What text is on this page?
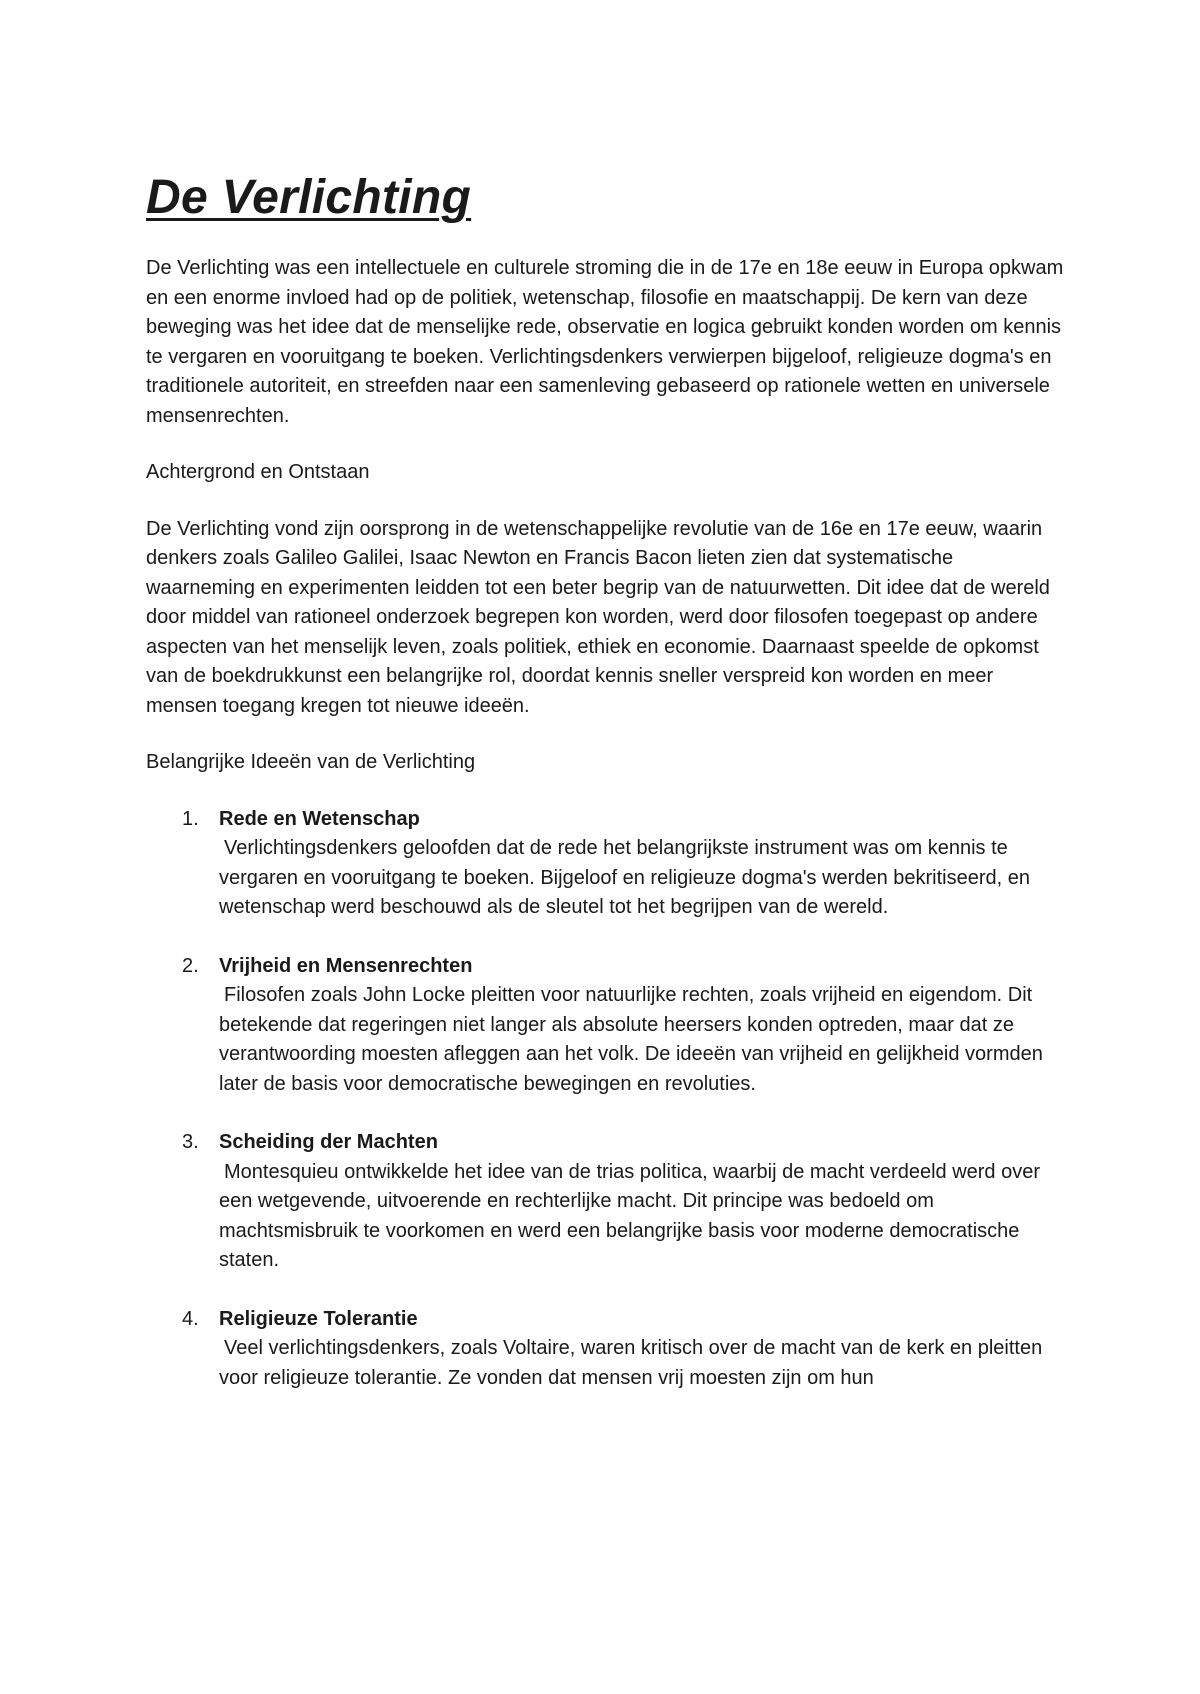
De Verlichting

De Verlichting was een intellectuele en culturele stroming die in de 17e en 18e eeuw in Europa opkwam en een enorme invloed had op de politiek, wetenschap, filosofie en maatschappij. De kern van deze beweging was het idee dat de menselijke rede, observatie en logica gebruikt konden worden om kennis te vergaren en vooruitgang te boeken. Verlichtingsdenkers verwierpen bijgeloof, religieuze dogma's en traditionele autoriteit, en streefden naar een samenleving gebaseerd op rationele wetten en universele mensenrechten.

Achtergrond en Ontstaan

De Verlichting vond zijn oorsprong in de wetenschappelijke revolutie van de 16e en 17e eeuw, waarin denkers zoals Galileo Galilei, Isaac Newton en Francis Bacon lieten zien dat systematische waarneming en experimenten leidden tot een beter begrip van de natuurwetten. Dit idee dat de wereld door middel van rationeel onderzoek begrepen kon worden, werd door filosofen toegepast op andere aspecten van het menselijk leven, zoals politiek, ethiek en economie. Daarnaast speelde de opkomst van de boekdrukkunst een belangrijke rol, doordat kennis sneller verspreid kon worden en meer mensen toegang kregen tot nieuwe ideeën.

Belangrijke Ideeën van de Verlichting

1. Rede en Wetenschap
Verlichtingsdenkers geloofden dat de rede het belangrijkste instrument was om kennis te vergaren en vooruitgang te boeken. Bijgeloof en religieuze dogma's werden bekritiseerd, en wetenschap werd beschouwd als de sleutel tot het begrijpen van de wereld.
2. Vrijheid en Mensenrechten
Filosofen zoals John Locke pleitten voor natuurlijke rechten, zoals vrijheid en eigendom. Dit betekende dat regeringen niet langer als absolute heersers konden optreden, maar dat ze verantwoording moesten afleggen aan het volk. De ideeën van vrijheid en gelijkheid vormden later de basis voor democratische bewegingen en revoluties.
3. Scheiding der Machten
Montesquieu ontwikkelde het idee van de trias politica, waarbij de macht verdeeld werd over een wetgevende, uitvoerende en rechterlijke macht. Dit principe was bedoeld om machtsmisbruik te voorkomen en werd een belangrijke basis voor moderne democratische staten.
4. Religieuze Tolerantie
Veel verlichtingsdenkers, zoals Voltaire, waren kritisch over de macht van de kerk en pleitten voor religieuze tolerantie. Ze vonden dat mensen vrij moesten zijn om hun
